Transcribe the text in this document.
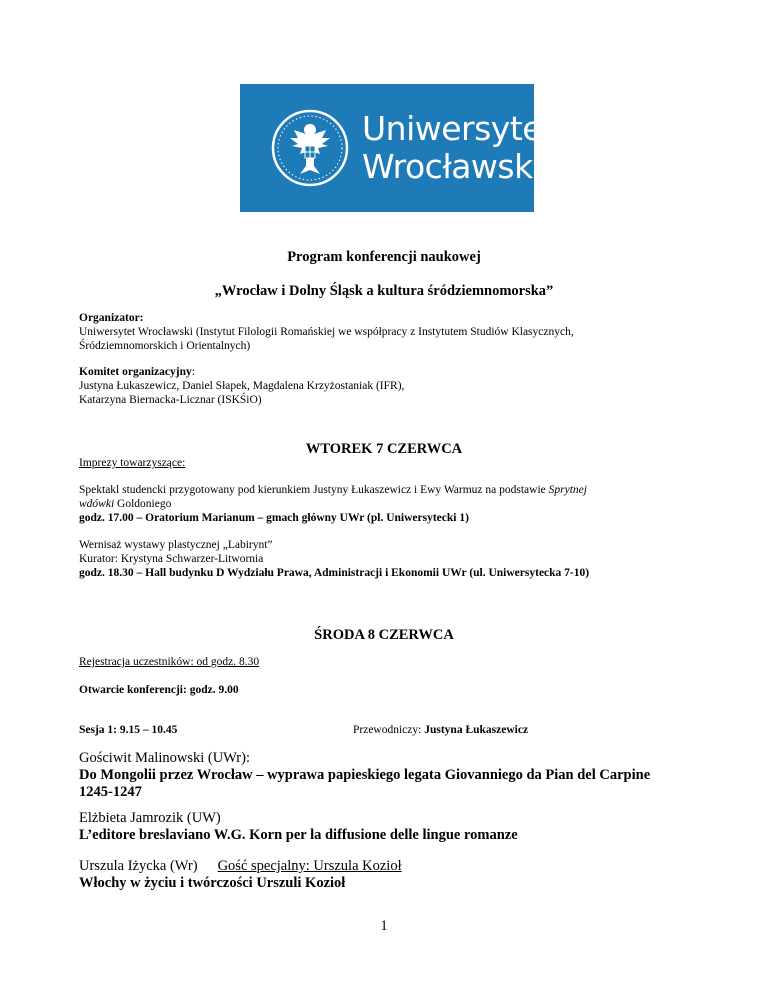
Uniwersytet
Wrocławski
Program konferencji naukowej
„Wrocław i Dolny Śląsk a kultura śródziemnomorska”
Organizator:
Uniwersytet Wrocławski (Instytut Filologii Romańskiej we współpracy z Instytutem Studiów Klasycznych,
Śródziemnomorskich i Orientalnych)
Komitet organizacyjny:
Justyna Łukaszewicz, Daniel Słapek, Magdalena Krzyżostaniak (IFR),
Katarzyna Biernacka-Licznar (ISKŚiO)
WTOREK 7 CZERWCA
Imprezy towarzyszące:
Spektakl studencki przygotowany pod kierunkiem Justyny Łukaszewicz i Ewy Warmuz na podstawie Sprytnej
wdówki Goldoniego
godz. 17.00 – Oratorium Marianum – gmach główny UWr (pl. Uniwersytecki 1)
Wernisaż wystawy plastycznej „Labirynt”
Kurator: Krystyna Schwarzer-Litwornia
godz. 18.30 – Hall budynku D Wydziału Prawa, Administracji i Ekonomii UWr (ul. Uniwersytecka 7-10)
ŚRODA 8 CZERWCA
Rejestracja uczestników: od godz. 8.30
Otwarcie konferencji: godz. 9.00
Sesja 1: 9.15 – 10.45	Przewodniczy: Justyna Łukaszewicz
Gościwit Malinowski (UWr):
Do Mongolii przez Wrocław – wyprawa papieskiego legata Giovanniego da Pian del Carpine
1245-1247
Elżbieta Jamrozik (UW)
L’editore breslaviano W.G. Korn per la diffusione delle lingue romanze
Urszula Iżycka (Wr) Gość specjalny: Urszula Kozioł
Włochy w życiu i twórczości Urszuli Kozioł
1
